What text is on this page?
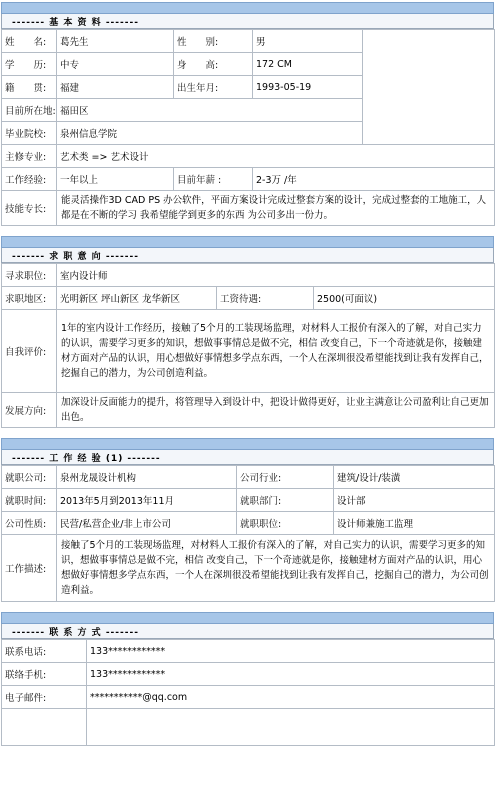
------- 基 本 资 料 -------
姓　　名:	葛先生	性　　别:	男	
学　　历:	中专	身　　高:	172 CM	
籍　　贯:	福建	出生年月:	1993-05-19	
目前所在地:	福田区			
毕业院校:	泉州信息学院			
主修专业:	艺术类 => 艺术设计			
工作经验:	一年以上	目前年薪 :	2-3万 /年	
技能专长:	能灵活操作3D CAD PS 办公软件，平面方案设计完成过整套方案的设计，完成过整套的工地施工，人都是在不断的学习 我希望能学到更多的东西 为公司多出一份力。			
------- 求 职 意 向 -------
寻求职位:	室内设计师		
求职地区:	光明新区 坪山新区 龙华新区	工资待遇:	2500(可面议)
自我评价:	1年的室内设计工作经历，接触了5个月的工装现场监理，对材料人工报价有深入的了解，对自己实力的认识，需要学习更多的知识，想做事事情总是做不完，相信 改变自己，下一个奇迹就是你，接触建材方面对产品的认识，用心想做好事情想多学点东西，一个人在深圳很没希望能找到让我有发挥自己，挖掘自己的潜力，为公司创造利益。		
发展方向:	加深设计反面能力的提升，将管理导入到设计中，把设计做得更好，让业主满意让公司盈利让自己更加出色。		
------- 工 作 经 验 (1) -------
就职公司:	泉州龙晟设计机构	公司行业:	建筑/设计/装潢
就职时间:	2013年5月到2013年11月	就职部门:	设计部
公司性质:	民营/私营企业/非上市公司	就职职位:	设计师兼施工监理
工作描述:	接触了5个月的工装现场监理，对材料人工报价有深入的了解，对自己实力的认识，需要学习更多的知识，想做事事情总是做不完，相信 改变自己，下一个奇迹就是你，接触建材方面对产品的认识，用心想做好事情想多学点东西，一个人在深圳很没希望能找到让我有发挥自己，挖掘自己的潜力，为公司创造利益。		
------- 联 系 方 式 -------
联系电话:	133************
联络手机:	133************
电子邮件:	***********@qq.com
